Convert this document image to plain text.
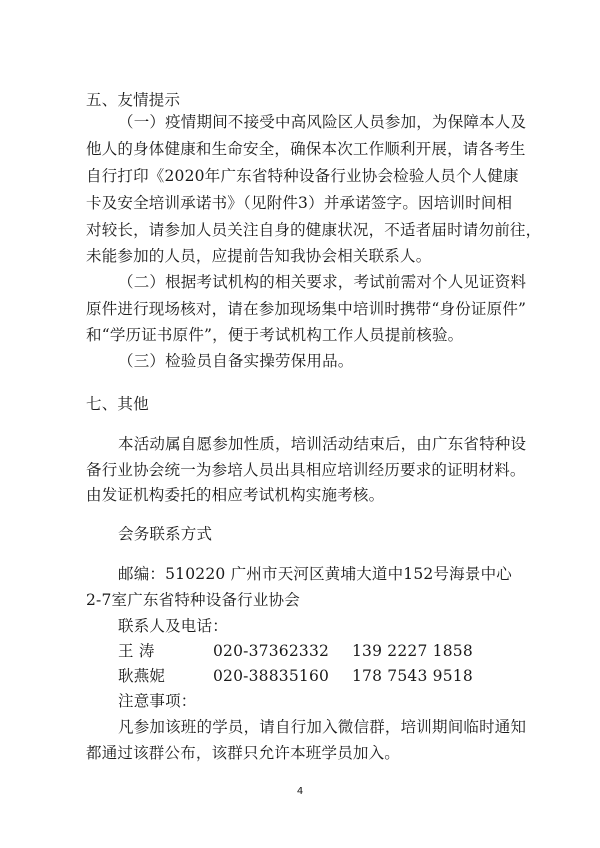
五、友情提示
（一）疫情期间不接受中高风险区人员参加，为保障本人及
他人的身体健康和生命安全，确保本次工作顺利开展，请各考生
自行打印《2020年广东省特种设备行业协会检验人员个人健康
卡及安全培训承诺书》（见附件3）并承诺签字。因培训时间相
对较长，请参加人员关注自身的健康状况，不适者届时请勿前往，
未能参加的人员，应提前告知我协会相关联系人。
（二）根据考试机构的相关要求，考试前需对个人见证资料
原件进行现场核对，请在参加现场集中培训时携带“身份证原件”
和“学历证书原件”，便于考试机构工作人员提前核验。
（三）检验员自备实操劳保用品。
七、其他
本活动属自愿参加性质，培训活动结束后，由广东省特种设
备行业协会统一为参培人员出具相应培训经历要求的证明材料。
由发证机构委托的相应考试机构实施考核。
会务联系方式
邮编：510220 广州市天河区黄埔大道中152号海景中心
2-7室广东省特种设备行业协会
联系人及电话：
王 涛	020-37362332 139 2227 1858
耿燕妮	020-38835160 178 7543 9518
注意事项：
凡参加该班的学员，请自行加入微信群，培训期间临时通知
都通过该群公布，该群只允许本班学员加入。
4
